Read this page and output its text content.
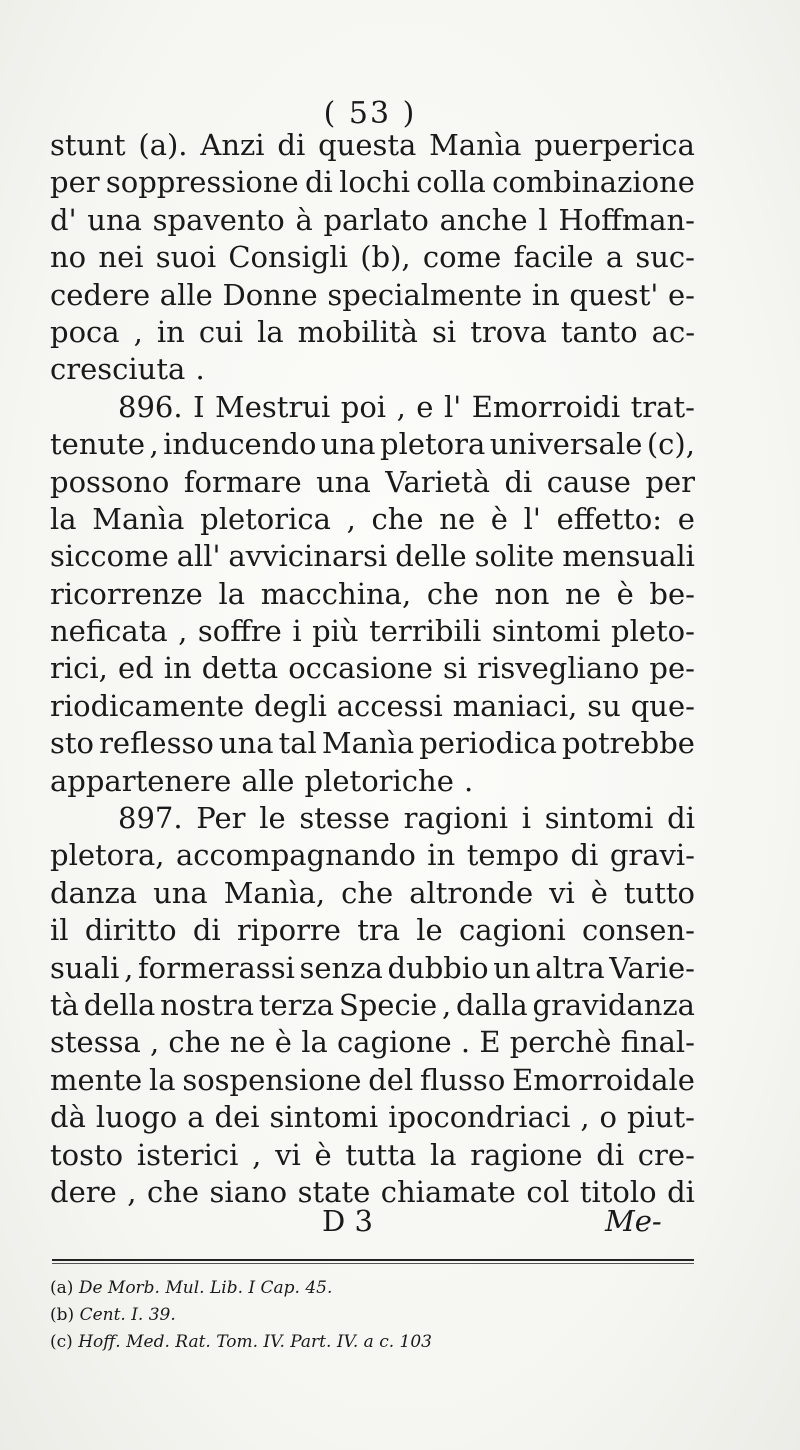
( 53 )
stunt (a). Anzi di questa Manìa puerperica
per soppressione di lochi colla combinazione
d' una spavento à parlato anche l Hoffman-
no nei suoi Consigli (b), come facile a suc-
cedere alle Donne specialmente in quest' e-
poca , in cui la mobilità si trova tanto ac-
cresciuta .
896. I Mestrui poi , e l' Emorroidi trat-
tenute , inducendo una pletora universale (c),
possono formare una Varietà di cause per
la Manìa pletorica , che ne è l' effetto: e
siccome all' avvicinarsi delle solite mensuali
ricorrenze la macchina, che non ne è be-
neficata , soffre i più terribili sintomi pleto-
rici, ed in detta occasione si risvegliano pe-
riodicamente degli accessi maniaci, su que-
sto reflesso una tal Manìa periodica potrebbe
appartenere alle pletoriche .
897. Per le stesse ragioni i sintomi di
pletora, accompagnando in tempo di gravi-
danza una Manìa, che altronde vi è tutto
il diritto di riporre tra le cagioni consen-
suali , formerassi senza dubbio un altra Varie-
tà della nostra terza Specie , dalla gravidanza
stessa , che ne è la cagione . E perchè final-
mente la sospensione del flusso Emorroidale
dà luogo a dei sintomi ipocondriaci , o piut-
tosto isterici , vi è tutta la ragione di cre-
dere , che siano state chiamate col titolo di
D 3	Me-
(a) De Morb. Mul. Lib. I Cap. 45.
(b) Cent. I. 39.
(c) Hoff. Med. Rat. Tom. IV. Part. IV. a c. 103
